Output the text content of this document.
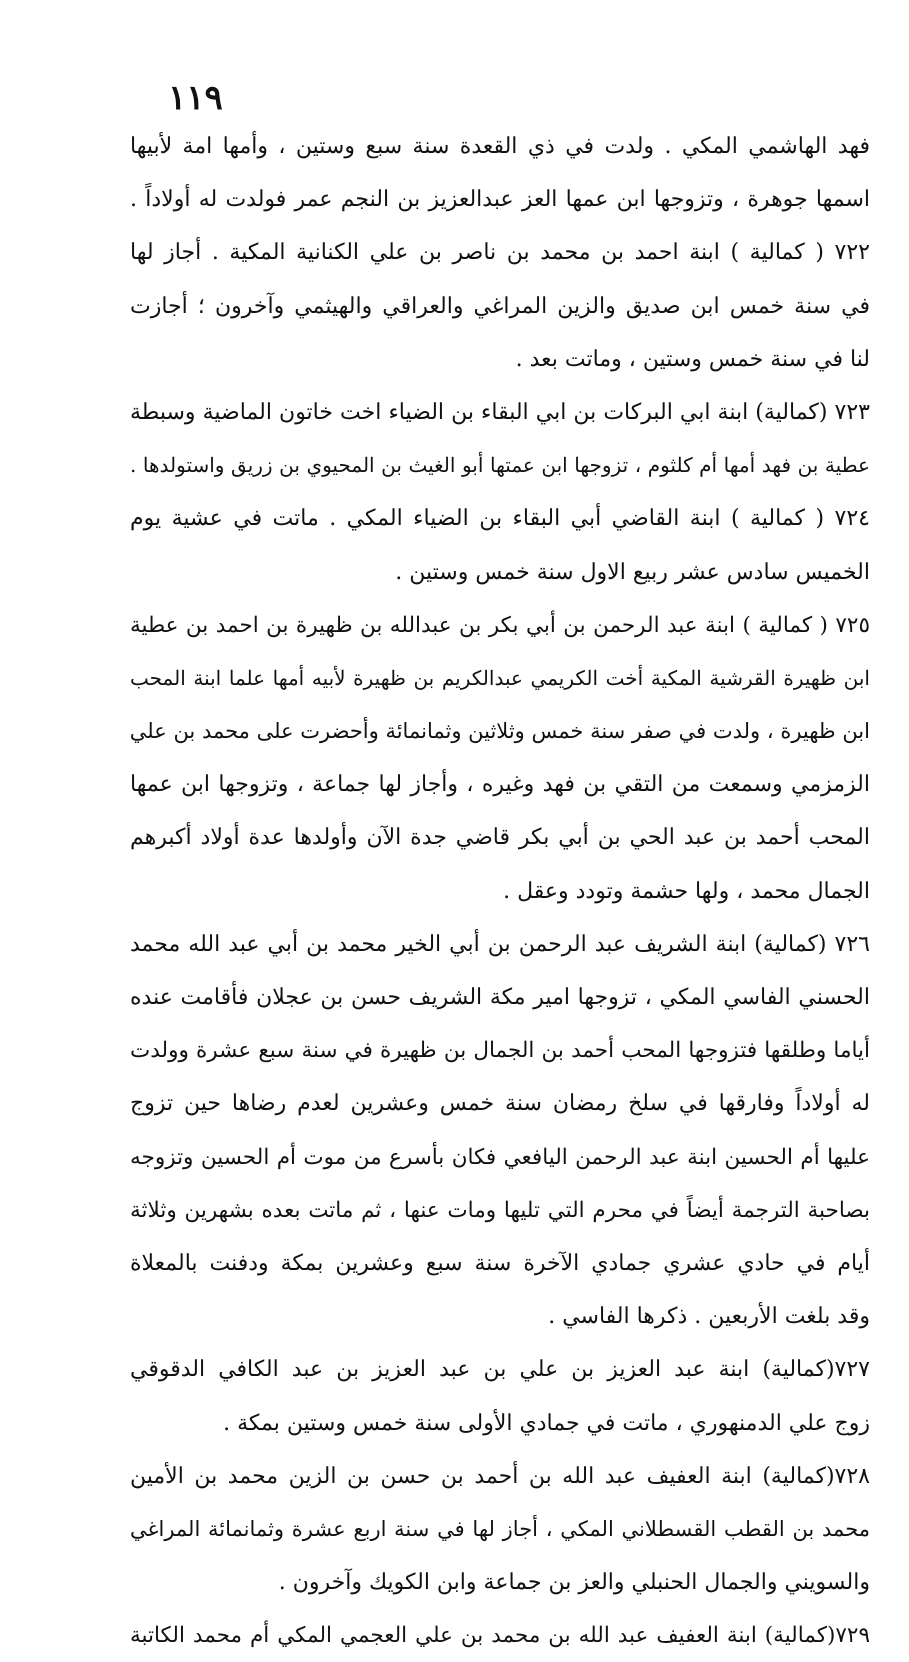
١١٩
فهد الهاشمي المكي . ولدت في ذي القعدة سنة سبع وستين ، وأمها امة لأبيها
اسمها جوهرة ، وتزوجها ابن عمها العز عبدالعزيز بن النجم عمر فولدت له أولاداً .
٧٢٢ ( كمالية ) ابنة احمد بن محمد بن ناصر بن علي الكنانية المكية . أجاز لها
في سنة خمس ابن صديق والزين المراغي والعراقي والهيثمي وآخرون ؛ أجازت
لنا في سنة خمس وستين ، وماتت بعد .
٧٢٣ (كمالية) ابنة ابي البركات بن ابي البقاء بن الضياء اخت خاتون الماضية وسبطة
عطية بن فهد أمها أم كلثوم ، تزوجها ابن عمتها أبو الغيث بن المحيوي بن زريق واستولدها .
٧٢٤ ( كمالية ) ابنة القاضي أبي البقاء بن الضياء المكي . ماتت في عشية يوم
الخميس سادس عشر ربيع الاول سنة خمس وستين .
٧٢٥ ( كمالية ) ابنة عبد الرحمن بن أبي بكر بن عبدالله بن ظهيرة بن احمد بن عطية
ابن ظهيرة القرشية المكية أخت الكريمي عبدالكريم بن ظهيرة لأبيه أمها علما ابنة المحب
ابن ظهيرة ، ولدت في صفر سنة خمس وثلاثين وثمانمائة وأحضرت على محمد بن علي
الزمزمي وسمعت من التقي بن فهد وغيره ، وأجاز لها جماعة ، وتزوجها ابن عمها
المحب أحمد بن عبد الحي بن أبي بكر قاضي جدة الآن وأولدها عدة أولاد أكبرهم
الجمال محمد ، ولها حشمة وتودد وعقل .
٧٢٦ (كمالية) ابنة الشريف عبد الرحمن بن أبي الخير محمد بن أبي عبد الله محمد
الحسني الفاسي المكي ، تزوجها امير مكة الشريف حسن بن عجلان فأقامت عنده
أياما وطلقها فتزوجها المحب أحمد بن الجمال بن ظهيرة في سنة سبع عشرة وولدت
له أولاداً وفارقها في سلخ رمضان سنة خمس وعشرين لعدم رضاها حين تزوج
عليها أم الحسين ابنة عبد الرحمن اليافعي فكان بأسرع من موت أم الحسين وتزوجه
بصاحبة الترجمة أيضاً في محرم التي تليها ومات عنها ، ثم ماتت بعده بشهرين وثلاثة
أيام في حادي عشري جمادي الآخرة سنة سبع وعشرين بمكة ودفنت بالمعلاة
وقد بلغت الأربعين . ذكرها الفاسي .
٧٢٧(كمالية) ابنة عبد العزيز بن علي بن عبد العزيز بن عبد الكافي الدقوقي
زوج علي الدمنهوري ، ماتت في جمادي الأولى سنة خمس وستين بمكة .
٧٢٨(كمالية) ابنة العفيف عبد الله بن أحمد بن حسن بن الزين محمد بن الأمين
محمد بن القطب القسطلاني المكي ، أجاز لها في سنة اربع عشرة وثمانمائة المراغي
والسويني والجمال الحنبلي والعز بن جماعة وابن الكويك وآخرون .
٧٢٩(كمالية) ابنة العفيف عبد الله بن محمد بن علي العجمي المكي أم محمد الكاتبة
